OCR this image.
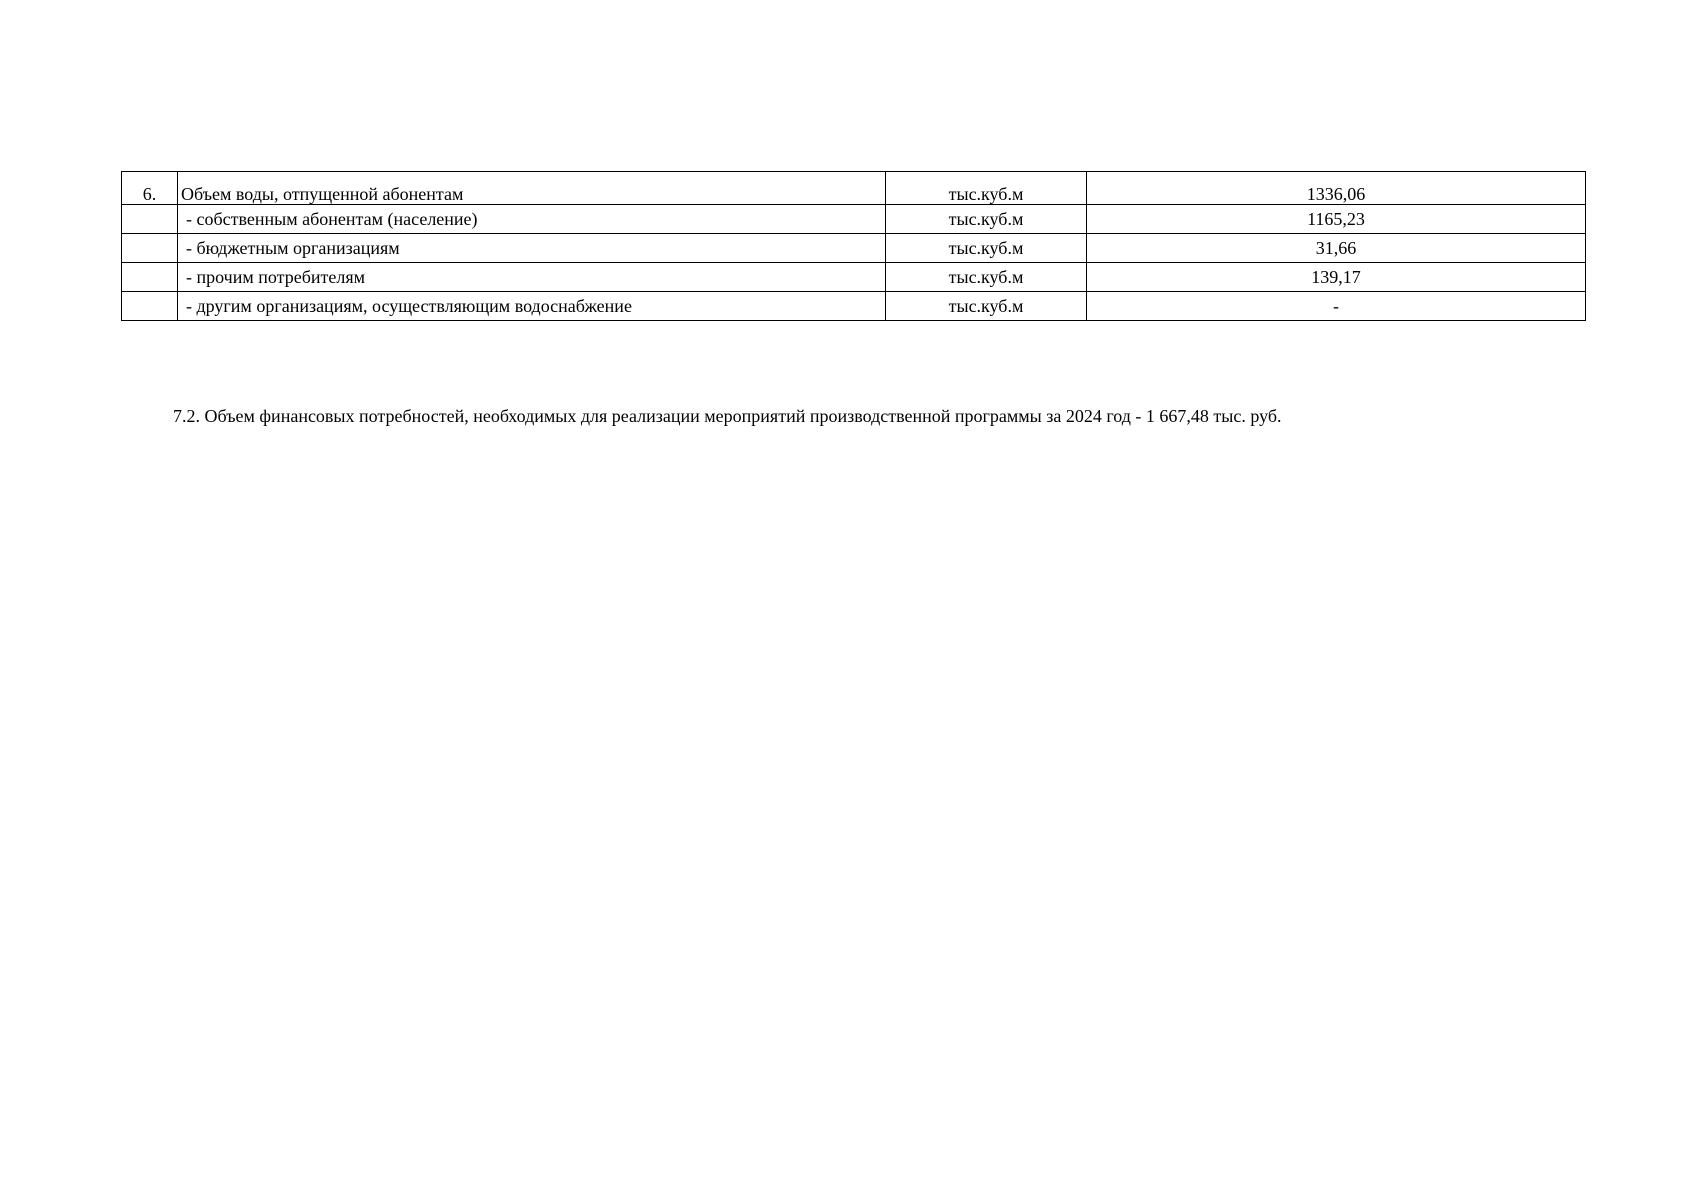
6.	Объем воды, отпущенной абонентам	тыс.куб.м	1336,06
	- собственным абонентам (население)	тыс.куб.м	1165,23
	- бюджетным организациям	тыс.куб.м	31,66
	- прочим потребителям	тыс.куб.м	139,17
	- другим организациям, осуществляющим водоснабжение	тыс.куб.м	-
7.2. Объем финансовых потребностей, необходимых для реализации мероприятий производственной программы за 2024 год - 1 667,48 тыс. руб.
